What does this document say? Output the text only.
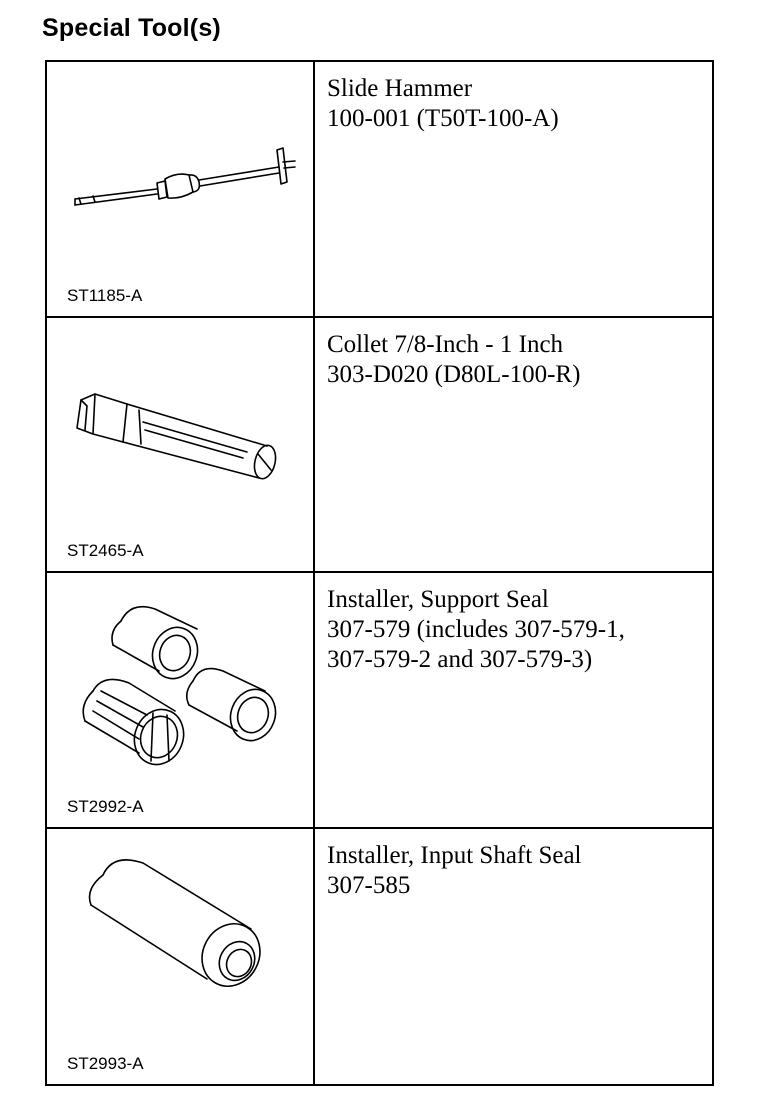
Special Tool(s)
ST1185-A
Slide Hammer
100-001 (T50T-100-A)
ST2465-A
Collet 7/8-Inch - 1 Inch
303-D020 (D80L-100-R)
ST2992-A
Installer, Support Seal
307-579 (includes 307-579-1,
307-579-2 and 307-579-3)
ST2993-A
Installer, Input Shaft Seal
307-585
